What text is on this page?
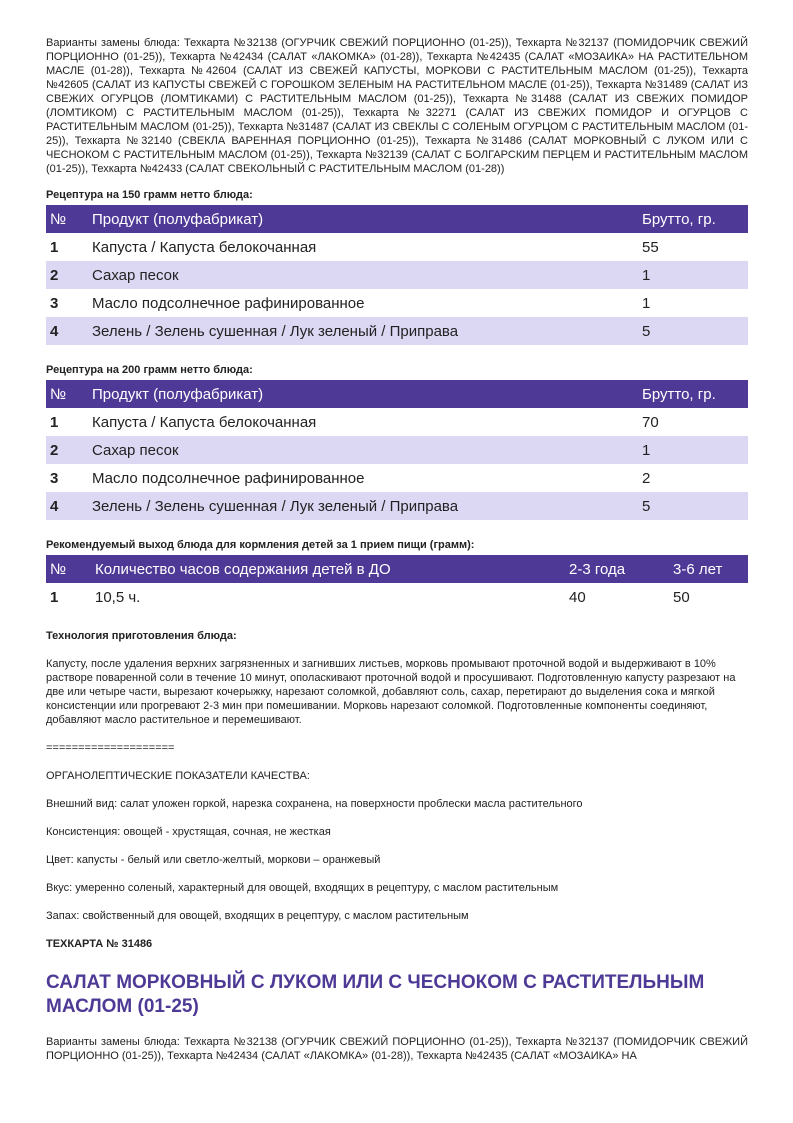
Варианты замены блюда: Техкарта №32138 (ОГУРЧИК СВЕЖИЙ ПОРЦИОННО (01-25)), Техкарта №32137 (ПОМИДОРЧИК СВЕЖИЙ ПОРЦИОННО (01-25)), Техкарта №42434 (САЛАТ «ЛАКОМКА» (01-28)), Техкарта №42435 (САЛАТ «МОЗАИКА» НА РАСТИТЕЛЬНОМ МАСЛЕ (01-28)), Техкарта №42604 (САЛАТ ИЗ СВЕЖЕЙ КАПУСТЫ, МОРКОВИ С РАСТИТЕЛЬНЫМ МАСЛОМ (01-25)), Техкарта №42605 (САЛАТ ИЗ КАПУСТЫ СВЕЖЕЙ С ГОРОШКОМ ЗЕЛЕНЫМ НА РАСТИТЕЛЬНОМ МАСЛЕ (01-25)), Техкарта №31489 (САЛАТ ИЗ СВЕЖИХ ОГУРЦОВ (ЛОМТИКАМИ) С РАСТИТЕЛЬНЫМ МАСЛОМ (01-25)), Техкарта №31488 (САЛАТ ИЗ СВЕЖИХ ПОМИДОР (ЛОМТИКОМ) С РАСТИТЕЛЬНЫМ МАСЛОМ (01-25)), Техкарта №32271 (САЛАТ ИЗ СВЕЖИХ ПОМИДОР И ОГУРЦОВ С РАСТИТЕЛЬНЫМ МАСЛОМ (01-25)), Техкарта №31487 (САЛАТ ИЗ СВЕКЛЫ С СОЛЕНЫМ ОГУРЦОМ С РАСТИТЕЛЬНЫМ МАСЛОМ (01-25)), Техкарта №32140 (СВЕКЛА ВАРЕННАЯ ПОРЦИОННО (01-25)), Техкарта №31486 (САЛАТ МОРКОВНЫЙ С ЛУКОМ ИЛИ С ЧЕСНОКОМ С РАСТИТЕЛЬНЫМ МАСЛОМ (01-25)), Техкарта №32139 (САЛАТ С БОЛГАРСКИМ ПЕРЦЕМ И РАСТИТЕЛЬНЫМ МАСЛОМ (01-25)), Техкарта №42433 (САЛАТ СВЕКОЛЬНЫЙ С РАСТИТЕЛЬНЫМ МАСЛОМ (01-28))

Рецептура на 150 грамм нетто блюда:
№	Продукт (полуфабрикат)	Брутто, гр.
1	Капуста / Капуста белокочанная	55
2	Сахар песок	1
3	Масло подсолнечное рафинированное	1
4	Зелень / Зелень сушенная / Лук зеленый / Приправа	5
Рецептура на 200 грамм нетто блюда:
№	Продукт (полуфабрикат)	Брутто, гр.
1	Капуста / Капуста белокочанная	70
2	Сахар песок	1
3	Масло подсолнечное рафинированное	2
4	Зелень / Зелень сушенная / Лук зеленый / Приправа	5
Рекомендуемый выход блюда для кормления детей за 1 прием пищи (грамм):
№	Количество часов содержания детей в ДО	2-3 года	3-6 лет
1	10,5 ч.	40	50
Технология приготовления блюда:

Капусту, после удаления верхних загрязненных и загнивших листьев, морковь промывают проточной водой и выдерживают в 10% растворе поваренной соли в течение 10 минут, ополаскивают проточной водой и просушивают. Подготовленную капусту разрезают на две или четыре части, вырезают кочерыжку, нарезают соломкой, добавляют соль, сахар, перетирают до выделения сока и мягкой консистенции или прогревают 2-3 мин при помешивании. Морковь нарезают соломкой. Подготовленные компоненты соединяют, добавляют масло растительное и перемешивают.

====================

ОРГАНОЛЕПТИЧЕСКИЕ ПОКАЗАТЕЛИ КАЧЕСТВА:

Внешний вид: салат уложен горкой, нарезка сохранена, на поверхности проблески масла растительного

Консистенция: овощей - хрустящая, сочная, не жесткая

Цвет: капусты - белый или светло-желтый, моркови – оранжевый

Вкус: умеренно соленый, характерный для овощей, входящих в рецептуру, с маслом растительным

Запах: свойственный для овощей, входящих в рецептуру, с маслом растительным

ТЕХКАРТА № 31486
САЛАТ МОРКОВНЫЙ С ЛУКОМ ИЛИ С ЧЕСНОКОМ С РАСТИТЕЛЬНЫМ МАСЛОМ (01-25)

Варианты замены блюда: Техкарта №32138 (ОГУРЧИК СВЕЖИЙ ПОРЦИОННО (01-25)), Техкарта №32137 (ПОМИДОРЧИК СВЕЖИЙ ПОРЦИОННО (01-25)), Техкарта №42434 (САЛАТ «ЛАКОМКА» (01-28)), Техкарта №42435 (САЛАТ «МОЗАИКА» НА
